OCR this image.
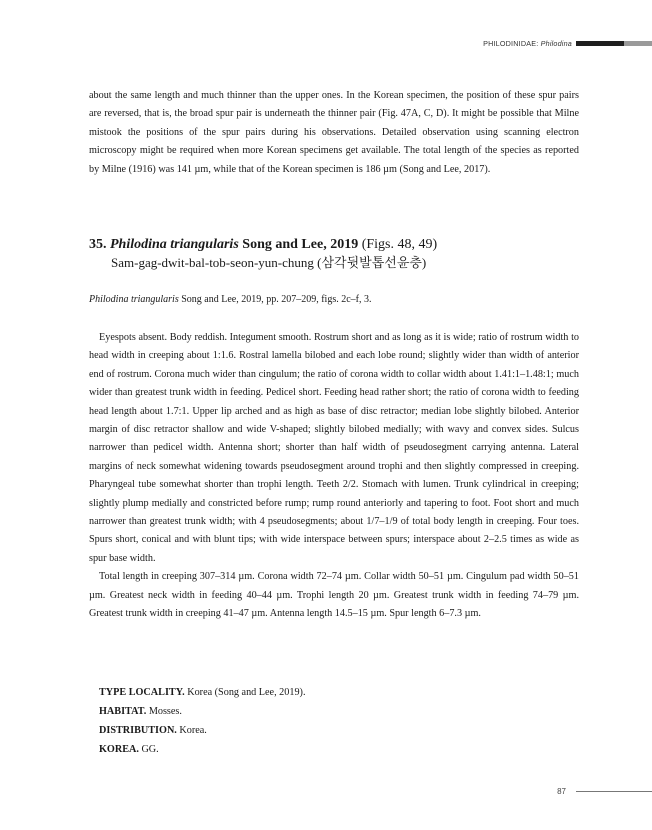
PHILODINIDAE: Philodina

about the same length and much thinner than the upper ones. In the Korean specimen, the position of these spur pairs are reversed, that is, the broad spur pair is underneath the thinner pair (Fig. 47A, C, D). It might be possible that Milne mistook the positions of the spur pairs during his observations. Detailed observation using scanning electron microscopy might be required when more Korean specimens get available. The total length of the species as reported by Milne (1916) was 141 µm, while that of the Korean specimen is 186 µm (Song and Lee, 2017).

35. Philodina triangularis Song and Lee, 2019 (Figs. 48, 49)
Sam-gag-dwit-bal-tob-seon-yun-chung (삼각뒷발톱선윤충)
Philodina triangularis Song and Lee, 2019, pp. 207–209, figs. 2c–f, 3.

Eyespots absent. Body reddish. Integument smooth. Rostrum short and as long as it is wide; ratio of rostrum width to head width in creeping about 1:1.6. Rostral lamella bilobed and each lobe round; slightly wider than width of anterior end of rostrum. Corona much wider than cingulum; the ratio of corona width to collar width about 1.41:1–1.48:1; much wider than greatest trunk width in feeding. Pedicel short. Feeding head rather short; the ratio of corona width to feeding head length about 1.7:1. Upper lip arched and as high as base of disc retractor; median lobe slightly bilobed. Anterior margin of disc retractor shallow and wide V-shaped; slightly bilobed medially; with wavy and convex sides. Sulcus narrower than pedicel width. Antenna short; shorter than half width of pseudosegment carrying antenna. Lateral margins of neck somewhat widening towards pseudosegment around trophi and then slightly compressed in creeping. Pharyngeal tube somewhat shorter than trophi length. Teeth 2/2. Stomach with lumen. Trunk cylindrical in creeping; slightly plump medially and constricted before rump; rump round anteriorly and tapering to foot. Foot short and much narrower than greatest trunk width; with 4 pseudosegments; about 1/7–1/9 of total body length in creeping. Four toes. Spurs short, conical and with blunt tips; with wide interspace between spurs; interspace about 2–2.5 times as wide as spur base width.

Total length in creeping 307–314 µm. Corona width 72–74 µm. Collar width 50–51 µm. Cingulum pad width 50–51 µm. Greatest neck width in feeding 40–44 µm. Trophi length 20 µm. Greatest trunk width in feeding 74–79 µm. Greatest trunk width in creeping 41–47 µm. Antenna length 14.5–15 µm. Spur length 6–7.3 µm.

TYPE LOCALITY. Korea (Song and Lee, 2019).
HABITAT. Mosses.
DISTRIBUTION. Korea.
KOREA. GG.
87
